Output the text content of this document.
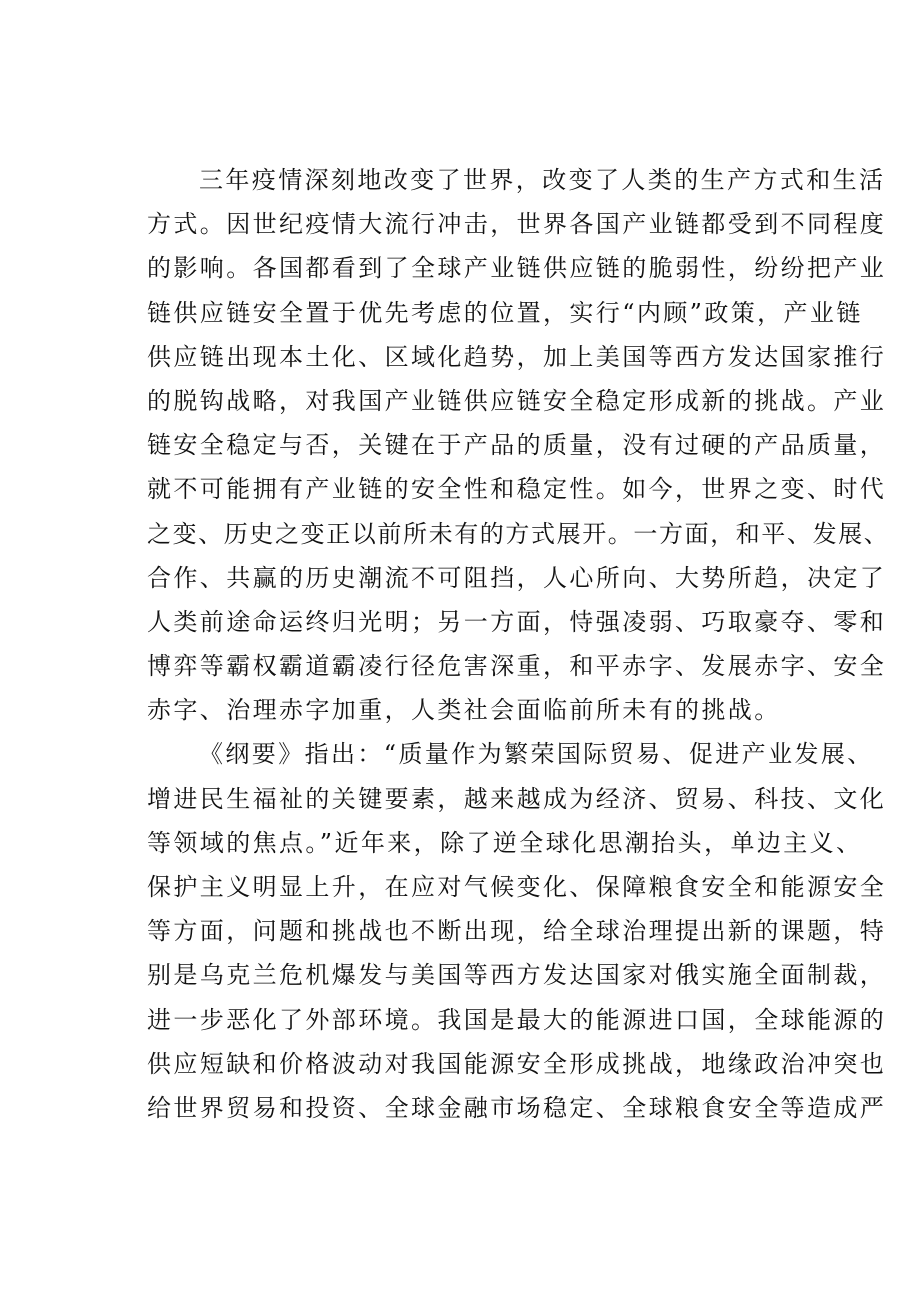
三年疫情深刻地改变了世界，改变了人类的生产方式和生活
方式。因世纪疫情大流行冲击，世界各国产业链都受到不同程度
的影响。各国都看到了全球产业链供应链的脆弱性，纷纷把产业
链供应链安全置于优先考虑的位置，实行“内顾”政策，产业链
供应链出现本土化、区域化趋势，加上美国等西方发达国家推行
的脱钩战略，对我国产业链供应链安全稳定形成新的挑战。产业
链安全稳定与否，关键在于产品的质量，没有过硬的产品质量，
就不可能拥有产业链的安全性和稳定性。如今，世界之变、时代
之变、历史之变正以前所未有的方式展开。一方面，和平、发展、
合作、共赢的历史潮流不可阻挡，人心所向、大势所趋，决定了
人类前途命运终归光明；另一方面，恃强凌弱、巧取豪夺、零和
博弈等霸权霸道霸凌行径危害深重，和平赤字、发展赤字、安全
赤字、治理赤字加重，人类社会面临前所未有的挑战。

《纲要》指出：“质量作为繁荣国际贸易、促进产业发展、
增进民生福祉的关键要素，越来越成为经济、贸易、科技、文化
等领域的焦点。”近年来，除了逆全球化思潮抬头，单边主义、
保护主义明显上升，在应对气候变化、保障粮食安全和能源安全
等方面，问题和挑战也不断出现，给全球治理提出新的课题，特
别是乌克兰危机爆发与美国等西方发达国家对俄实施全面制裁，
进一步恶化了外部环境。我国是最大的能源进口国，全球能源的
供应短缺和价格波动对我国能源安全形成挑战，地缘政治冲突也
给世界贸易和投资、全球金融市场稳定、全球粮食安全等造成严
